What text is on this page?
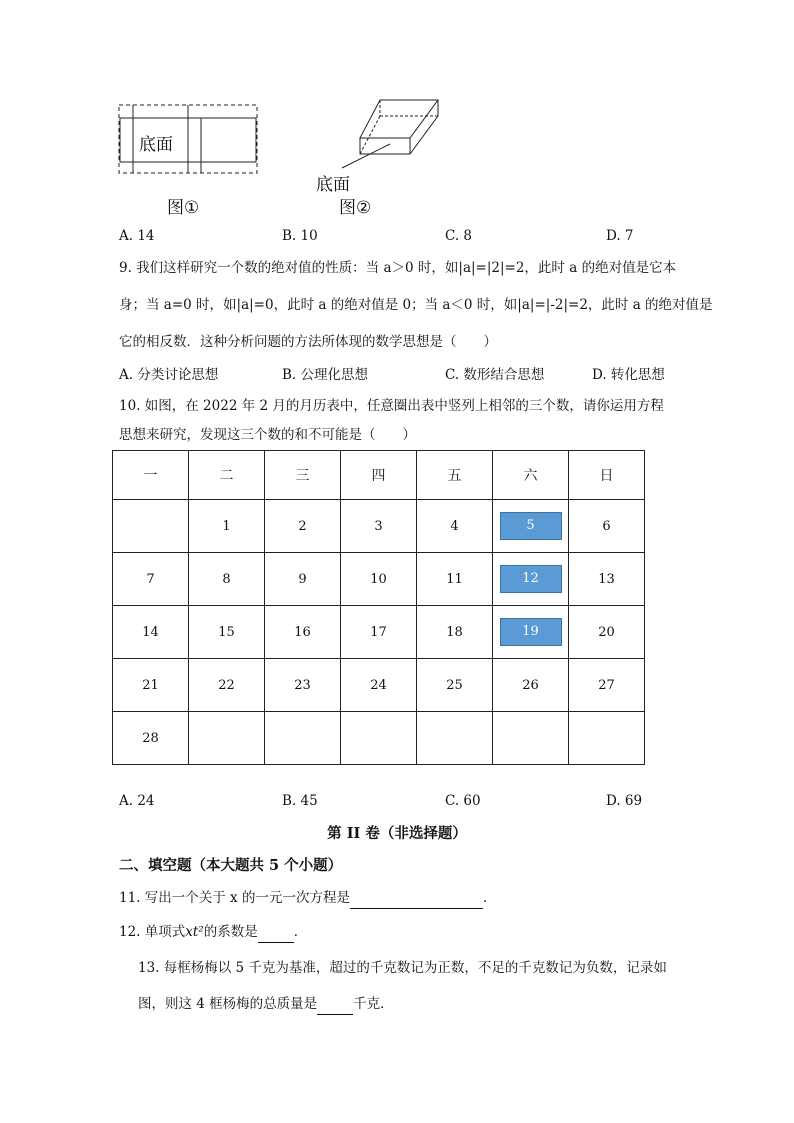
底面
图①
底面
图②
A. 14	B. 10	C. 8	D. 7
9. 我们这样研究一个数的绝对值的性质：当 a＞0 时，如|a|=|2|=2，此时 a 的绝对值是它本
身；当 a=0 时，如|a|=0，此时 a 的绝对值是 0；当 a＜0 时，如|a|=|-2|=2，此时 a 的绝对值是
它的相反数．这种分析问题的方法所体现的数学思想是（　　）
A. 分类讨论思想	B. 公理化思想	C. 数形结合思想	D. 转化思想
10. 如图，在 2022 年 2 月的月历表中，任意圈出表中竖列上相邻的三个数，请你运用方程
思想来研究，发现这三个数的和不可能是（　　）
一	二	三	四	五	六	日
	1	2	3	4	5	6
7	8	9	10	11	12	13
14	15	16	17	18	19	20
21	22	23	24	25	26	27
28						
A. 24	B. 45	C. 60	D. 69
第 II 卷（非选择题）
二、填空题（本大题共 5 个小题）
11. 写出一个关于 x 的一元一次方程是	．
12. 单项式xt²的系数是	．
13. 每框杨梅以 5 千克为基准，超过的千克数记为正数，不足的千克数记为负数，记录如
图，则这 4 框杨梅的总质量是	千克．
